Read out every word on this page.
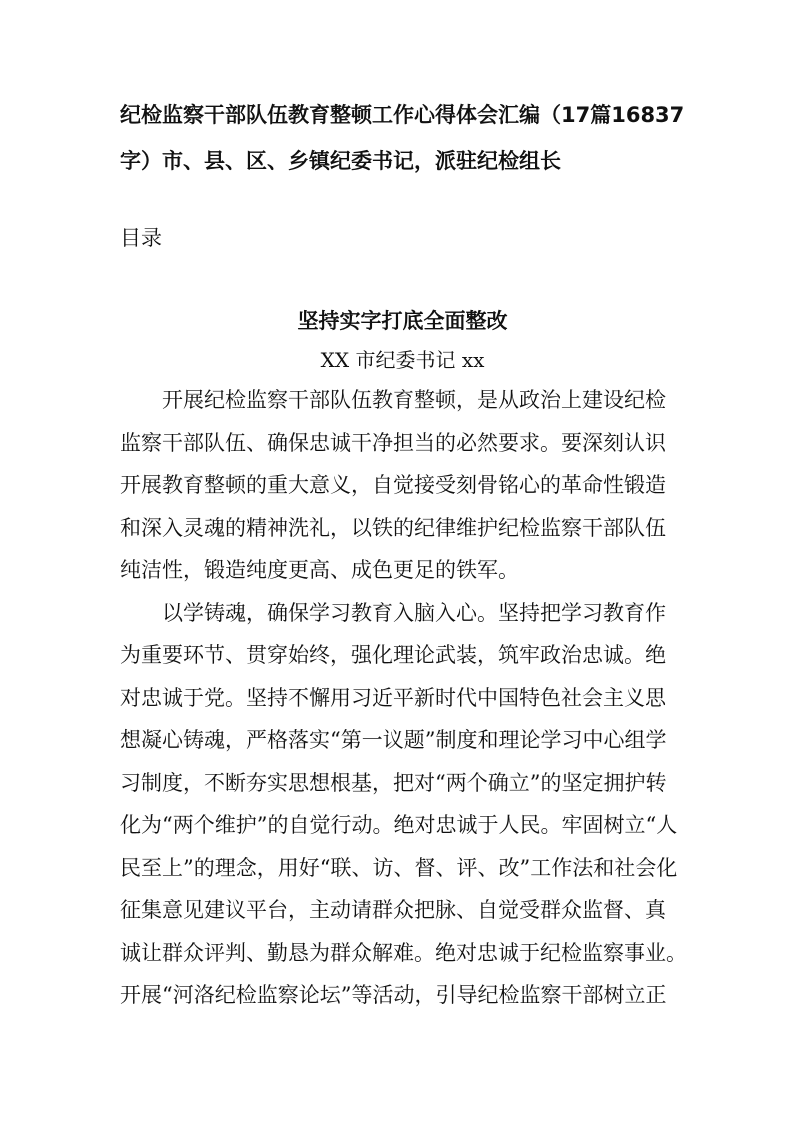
纪检监察干部队伍教育整顿工作心得体会汇编（17篇16837
字）市、县、区、乡镇纪委书记，派驻纪检组长

目录

坚持实字打底全面整改

XX 市纪委书记 xx

　　开展纪检监察干部队伍教育整顿，是从政治上建设纪检
监察干部队伍、确保忠诚干净担当的必然要求。要深刻认识
开展教育整顿的重大意义，自觉接受刻骨铭心的革命性锻造
和深入灵魂的精神洗礼，以铁的纪律维护纪检监察干部队伍
纯洁性，锻造纯度更高、成色更足的铁军。

　　以学铸魂，确保学习教育入脑入心。坚持把学习教育作
为重要环节、贯穿始终，强化理论武装，筑牢政治忠诚。绝
对忠诚于党。坚持不懈用习近平新时代中国特色社会主义思
想凝心铸魂，严格落实“第一议题”制度和理论学习中心组学
习制度，不断夯实思想根基，把对“两个确立”的坚定拥护转
化为“两个维护”的自觉行动。绝对忠诚于人民。牢固树立“人
民至上”的理念，用好“联、访、督、评、改”工作法和社会化
征集意见建议平台，主动请群众把脉、自觉受群众监督、真
诚让群众评判、勤恳为群众解难。绝对忠诚于纪检监察事业。
开展“河洛纪检监察论坛”等活动，引导纪检监察干部树立正
